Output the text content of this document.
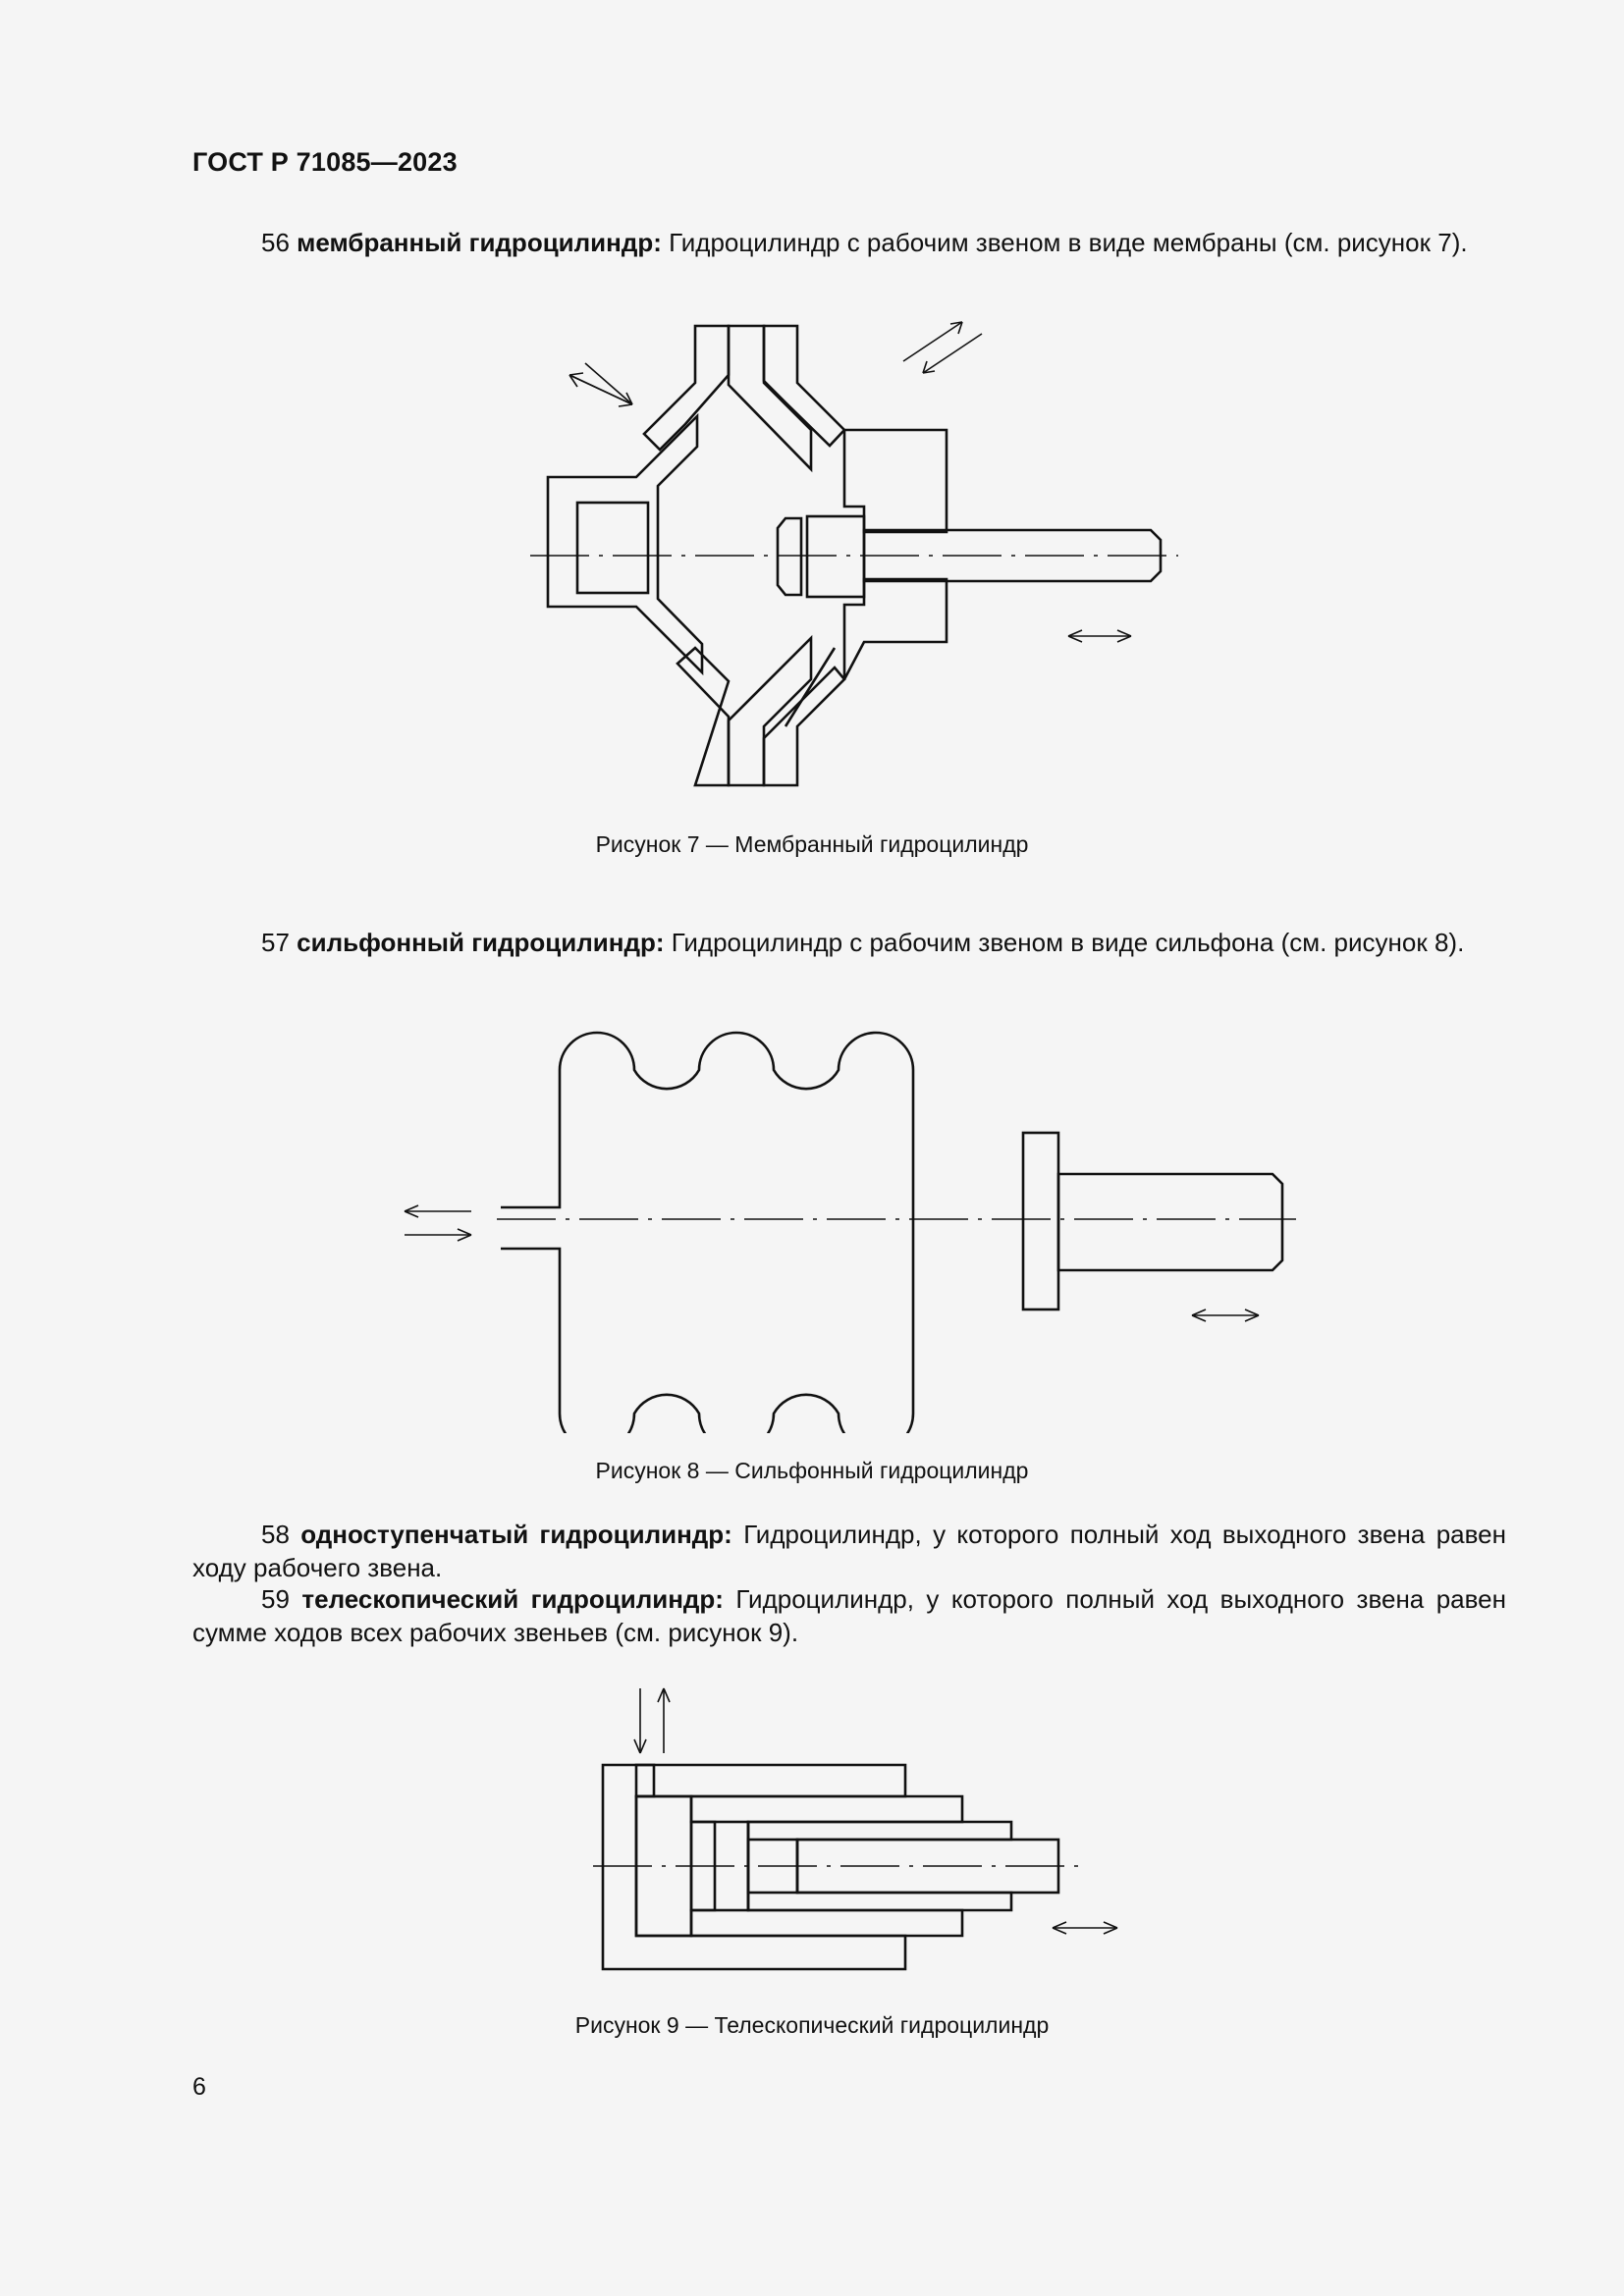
ГОСТ Р 71085—2023
56 мембранный гидроцилиндр: Гидроцилиндр с рабочим звеном в виде мембраны (см. рисунок 7).
Рисунок 7 — Мембранный гидроцилиндр
57 сильфонный гидроцилиндр: Гидроцилиндр с рабочим звеном в виде сильфона (см. рисунок 8).
Рисунок 8 — Сильфонный гидроцилиндр
58 одноступенчатый гидроцилиндр: Гидроцилиндр, у которого полный ход выходного звена равен ходу рабочего звена.
59 телескопический гидроцилиндр: Гидроцилиндр, у которого полный ход выходного звена равен сумме ходов всех рабочих звеньев (см. рисунок 9).
Рисунок 9 — Телескопический гидроцилиндр
6
